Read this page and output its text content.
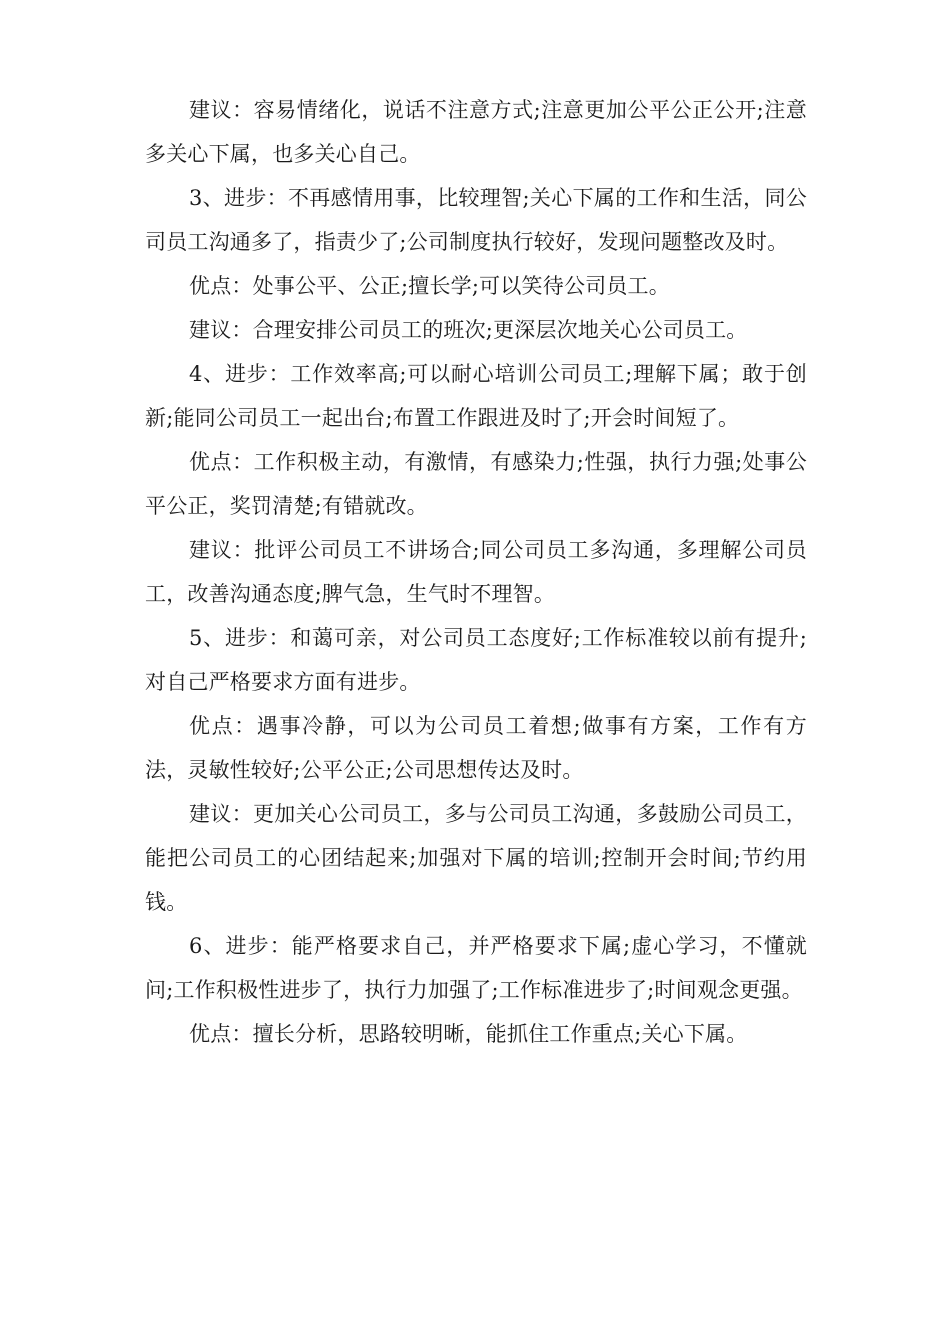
建议：容易情绪化，说话不注意方式;注意更加公平公正公开;注意多关心下属，也多关心自己。

3、进步：不再感情用事，比较理智;关心下属的工作和生活，同公司员工沟通多了，指责少了;公司制度执行较好，发现问题整改及时。

优点：处事公平、公正;擅长学;可以笑待公司员工。

建议：合理安排公司员工的班次;更深层次地关心公司员工。

4、进步：工作效率高;可以耐心培训公司员工;理解下属；敢于创新;能同公司员工一起出台;布置工作跟进及时了;开会时间短了。

优点：工作积极主动，有激情，有感染力;性强，执行力强;处事公平公正，奖罚清楚;有错就改。

建议：批评公司员工不讲场合;同公司员工多沟通，多理解公司员工，改善沟通态度;脾气急，生气时不理智。

5、进步：和蔼可亲，对公司员工态度好;工作标准较以前有提升;对自己严格要求方面有进步。

优点：遇事冷静，可以为公司员工着想;做事有方案，工作有方法，灵敏性较好;公平公正;公司思想传达及时。

建议：更加关心公司员工，多与公司员工沟通，多鼓励公司员工，能把公司员工的心团结起来;加强对下属的培训;控制开会时间;节约用钱。

6、进步：能严格要求自己，并严格要求下属;虚心学习，不懂就问;工作积极性进步了，执行力加强了;工作标准进步了;时间观念更强。

优点：擅长分析，思路较明晰，能抓住工作重点;关心下属。
